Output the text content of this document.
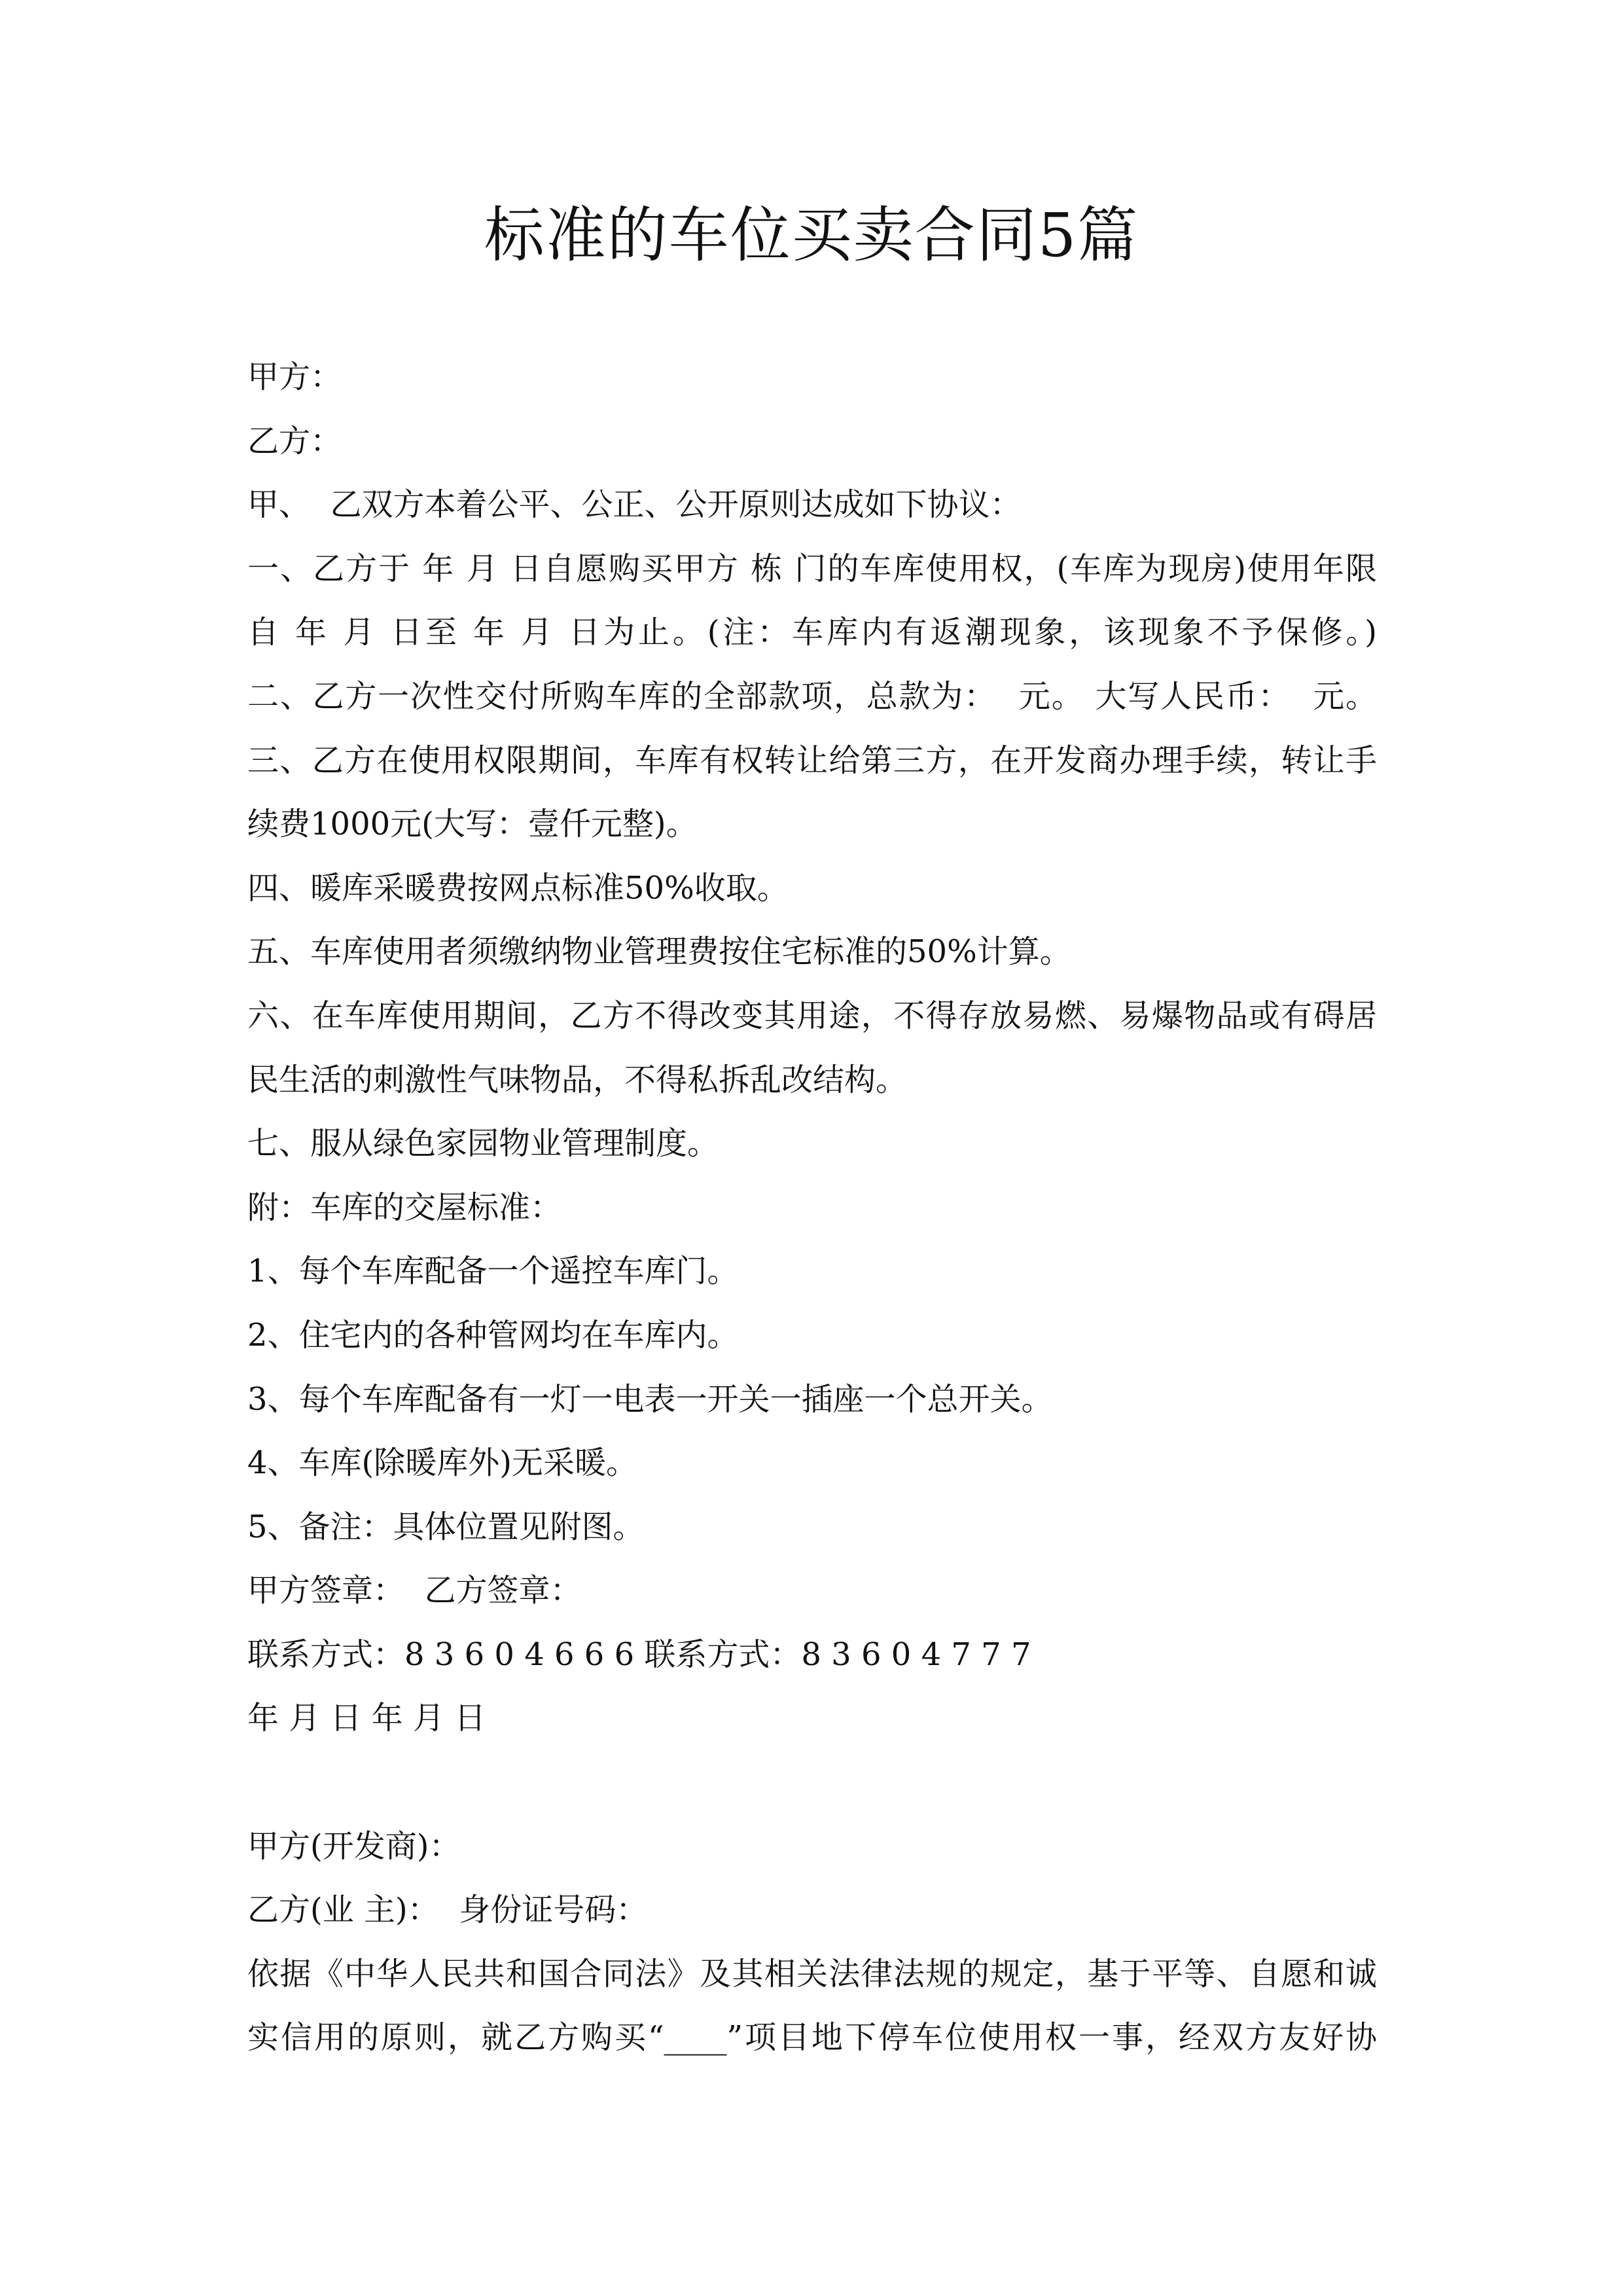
标准的车位买卖合同5篇
甲方：
乙方：
甲、  乙双方本着公平、公正、公开原则达成如下协议：
一、乙方于 年 月 日自愿购买甲方 栋 门的车库使用权，(车库为现房)使用年限
自 年 月 日至 年 月 日为止。(注：车库内有返潮现象，该现象不予保修。)
二、乙方一次性交付所购车库的全部款项，总款为：  元。 大写人民币：  元。
三、乙方在使用权限期间，车库有权转让给第三方，在开发商办理手续，转让手
续费1000元(大写：壹仟元整)。
四、暖库采暖费按网点标准50%收取。
五、车库使用者须缴纳物业管理费按住宅标准的50%计算。
六、在车库使用期间，乙方不得改变其用途，不得存放易燃、易爆物品或有碍居
民生活的刺激性气味物品，不得私拆乱改结构。
七、服从绿色家园物业管理制度。
附：车库的交屋标准：
1、每个车库配备一个遥控车库门。
2、住宅内的各种管网均在车库内。
3、每个车库配备有一灯一电表一开关一插座一个总开关。
4、车库(除暖库外)无采暖。
5、备注：具体位置见附图。
甲方签章：  乙方签章：
联系方式：8 3 6 0 4 6 6 6 联系方式：8 3 6 0 4 7 7 7
年 月 日 年 月 日
甲方(开发商)：
乙方(业 主)：  身份证号码：
依据《中华人民共和国合同法》及其相关法律法规的规定，基于平等、自愿和诚
实信用的原则，就乙方购买“____”项目地下停车位使用权一事，经双方友好协
